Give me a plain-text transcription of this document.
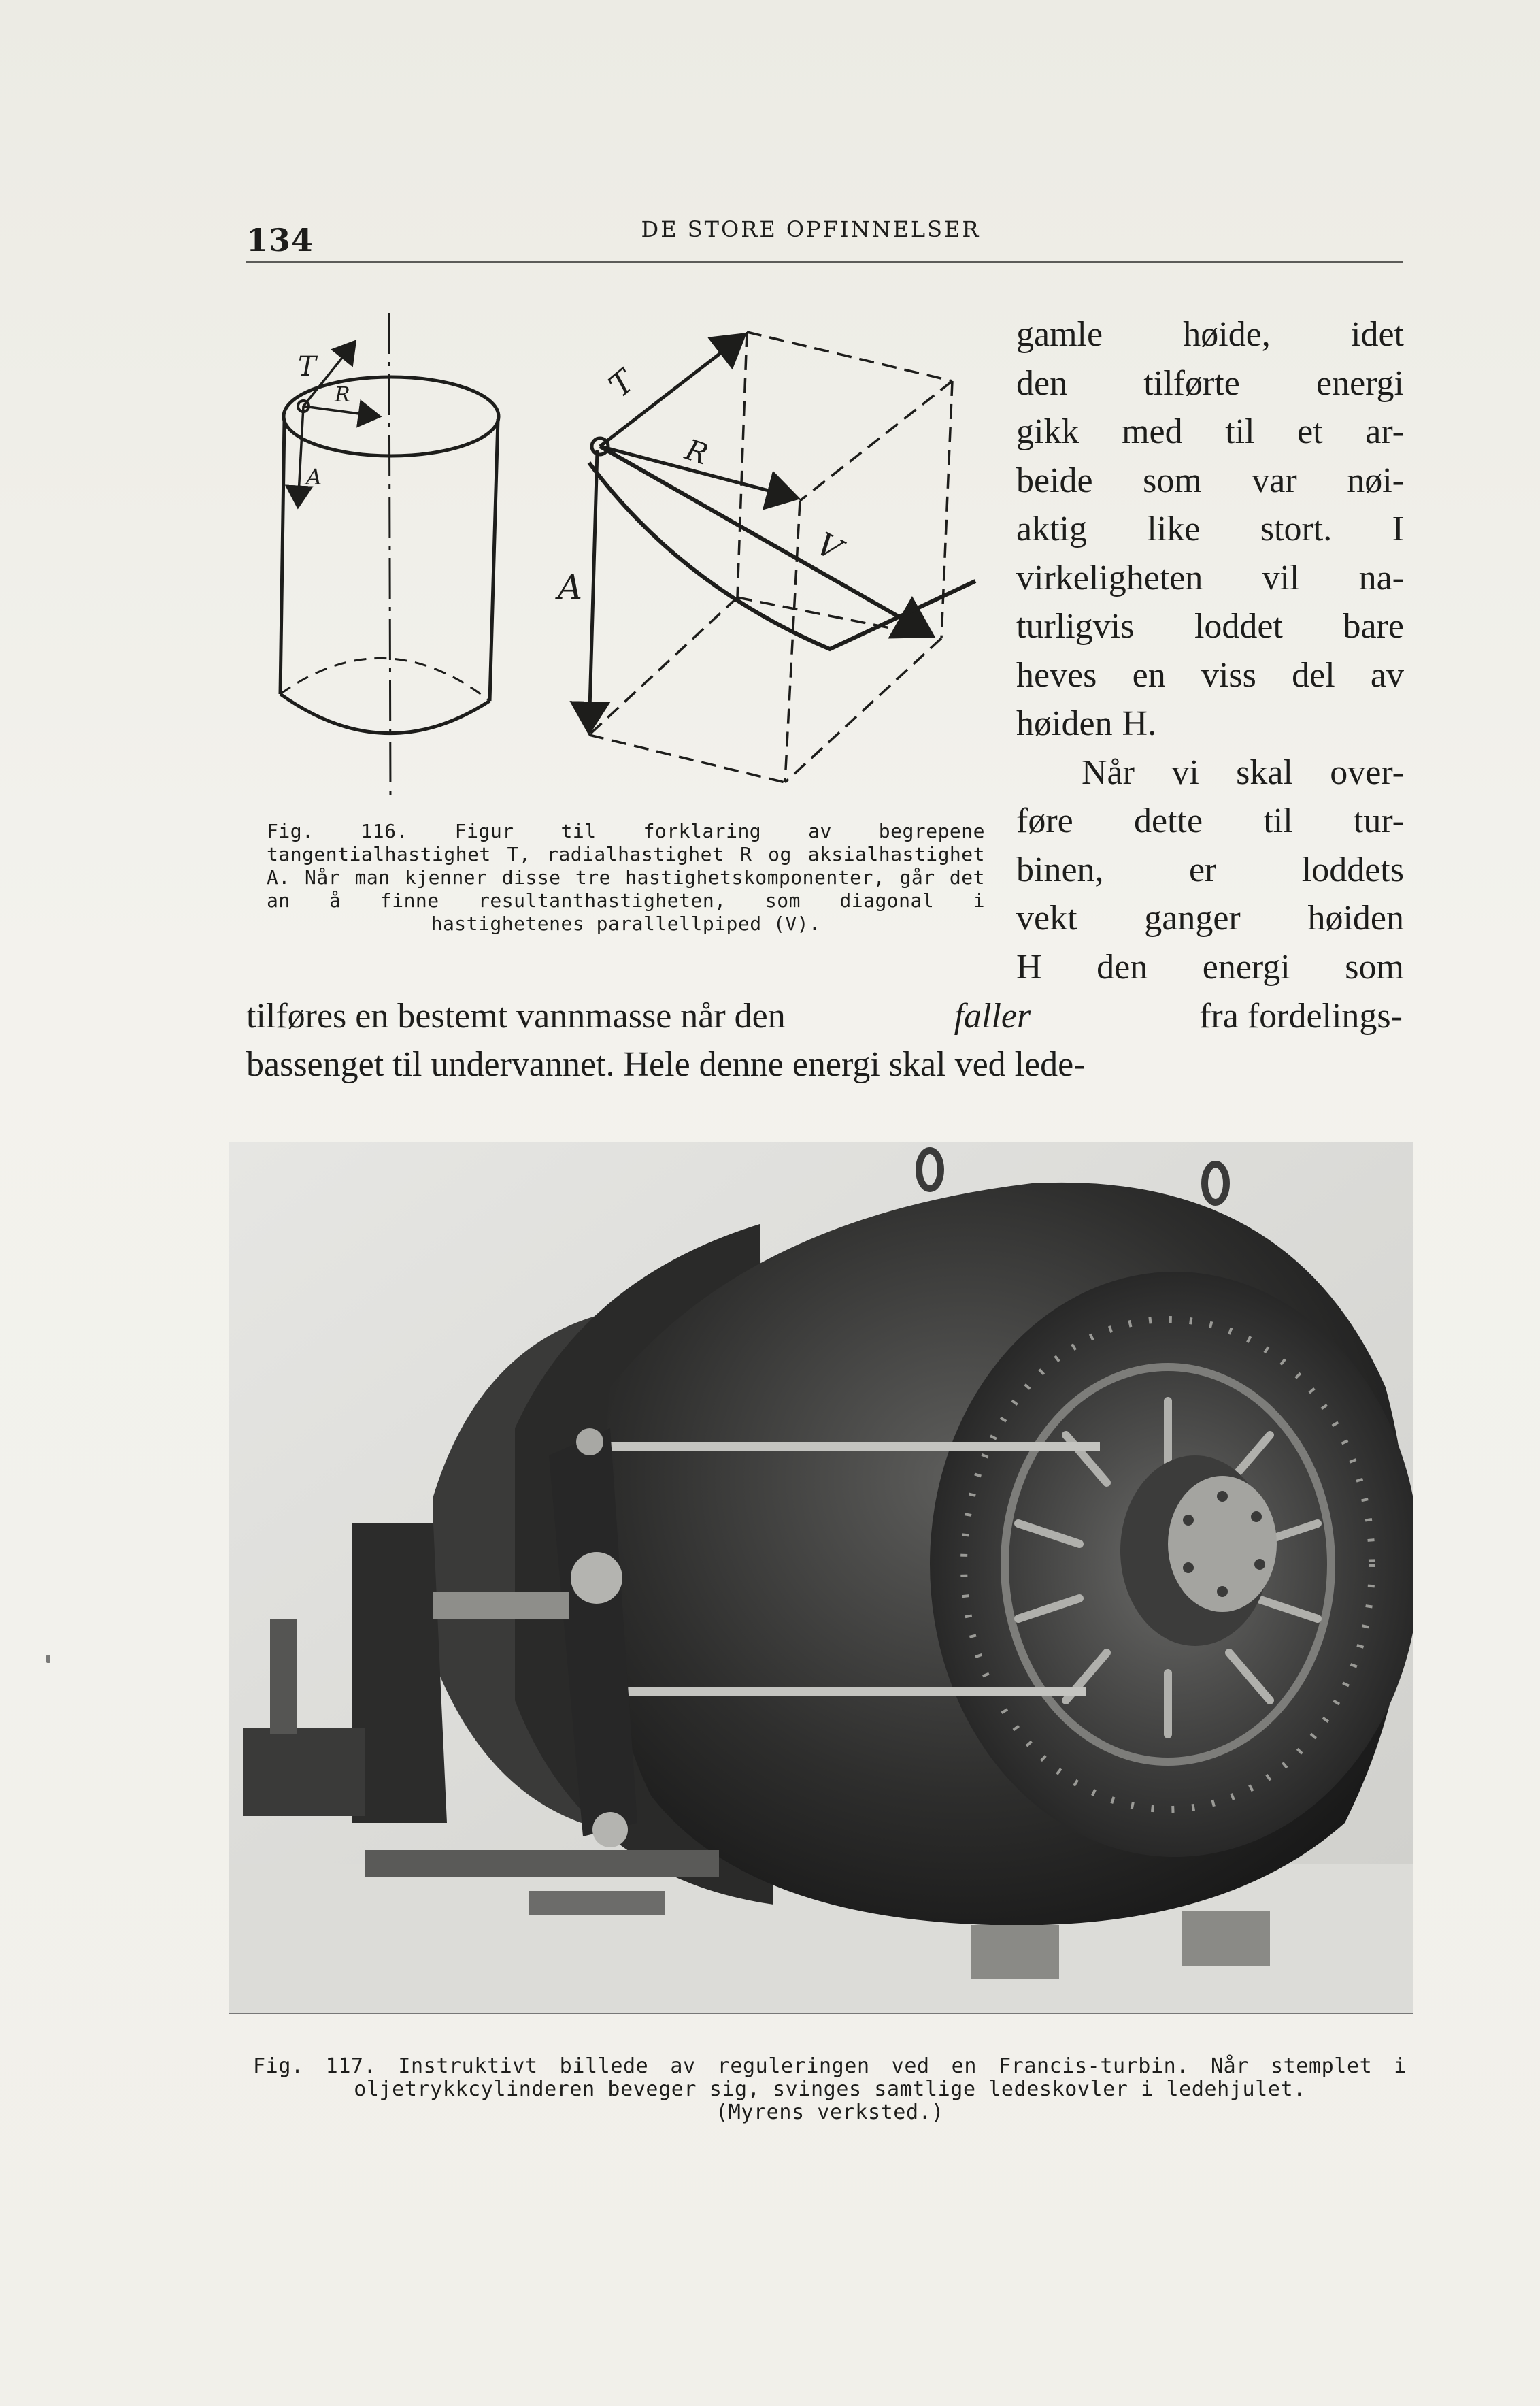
134	DE STORE OPFINNELSER
T
R
A
T
R
A
V
Fig. 116. Figur til forklaring av begrepene tangentialhastighet T, radialhastighet R og aksialhastighet A. Når man kjenner disse tre hastighetskomponenter, går det an å finne resultanthastigheten, som diagonal i hastighetenes parallellpiped (V).
gamle høide, idet
den tilførte energi
gikk med til et ar-
beide som var nøi-
aktig like stort. I
virkeligheten vil na-
turligvis loddet bare
heves en viss del av
høiden H.
Når vi skal over-
føre dette til tur-
binen, er loddets
vekt ganger høiden
H den energi som
tilføres en bestemt vannmasse når den	faller	fra fordelings-
bassenget til undervannet. Hele denne energi skal ved lede-
Fig. 117. Instruktivt billede av reguleringen ved en Francis-turbin. Når stemplet i oljetrykkcylinderen beveger sig, svinges samtlige ledeskovler i ledehjulet.
(Myrens verksted.)
